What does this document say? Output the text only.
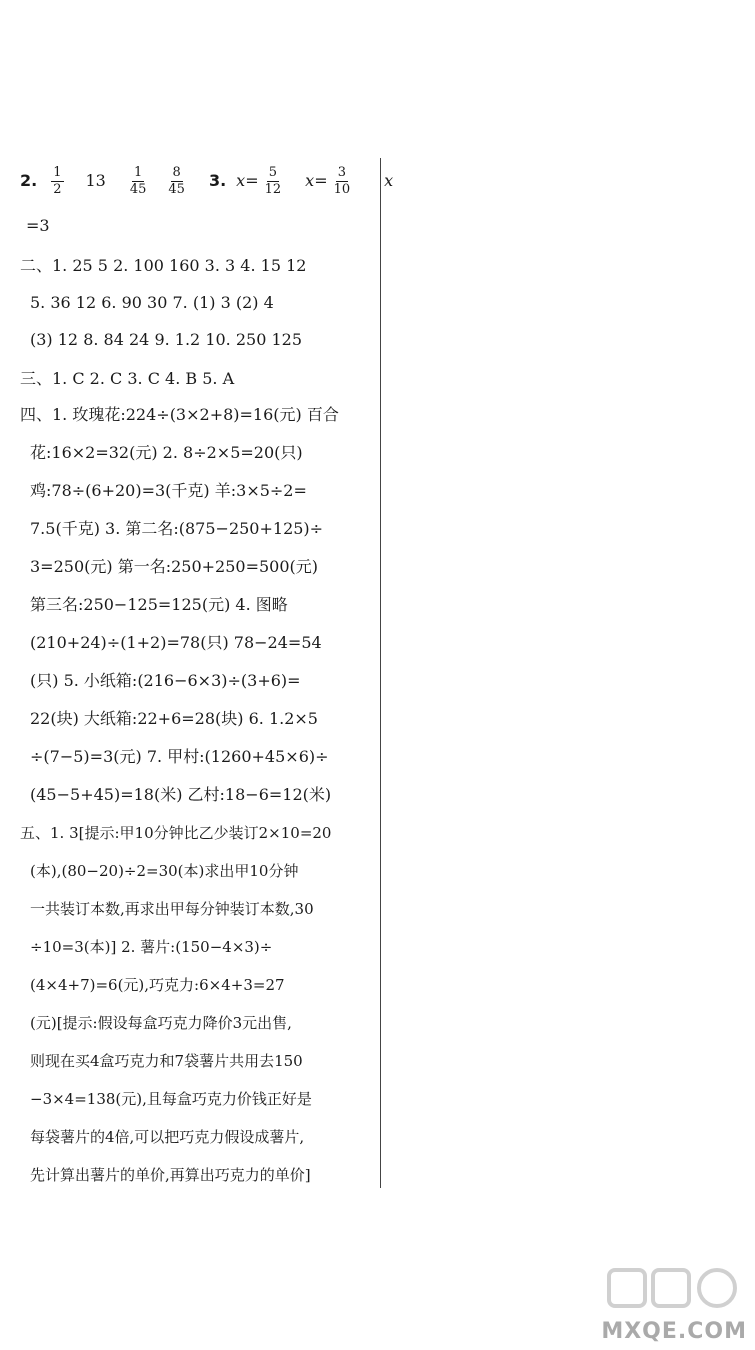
2. $\frac{1}{2} 13 \frac{1}{45} \frac{8}{45} 3$. $x = \frac{5}{12}$ $x = \frac{3}{10}$ x
=3
二、1. 25 5 2. 100 160 3. 3 4. 15 12
5. 36 12 6. 90 30 7. (1) 3 (2) 4
(3) 12 8. 84 24 9. 1.2 10. 250 125
三、1. C 2. C 3. C 4. B 5. A
四、1. 玫瑰花:224÷(3×2+8)=16(元) 百合
花:16×2=32(元) 2. 8÷2×5=20(只)
鸡:78÷(6+20)=3(千克) 羊:3×5÷2=
7.5(千克) 3. 第二名:(875−250+125)÷
3=250(元) 第一名:250+250=500(元)
第三名:250−125=125(元) 4. 图略
(210+24)÷(1+2)=78(只) 78−24=54
(只) 5. 小纸箱:(216−6×3)÷(3+6)=
22(块) 大纸箱:22+6=28(块) 6. 1.2×5
÷(7−5)=3(元) 7. 甲村:(1260+45×6)÷
(45−5+45)=18(米) 乙村:18−6=12(米)
五、1. 3[提示:甲10分钟比乙少装订2×10=20
(本),(80−20)÷2=30(本)求出甲10分钟
一共装订本数,再求出甲每分钟装订本数,30
÷10=3(本)] 2. 薯片:(150−4×3)÷
(4×4+7)=6(元),巧克力:6×4+3=27
(元)[提示:假设每盒巧克力降价3元出售,
则现在买4盒巧克力和7袋薯片共用去150
−3×4=138(元),且每盒巧克力价钱正好是
每袋薯片的4倍,可以把巧克力假设成薯片,
先计算出薯片的单价,再算出巧克力的单价]
MXQE.COM
